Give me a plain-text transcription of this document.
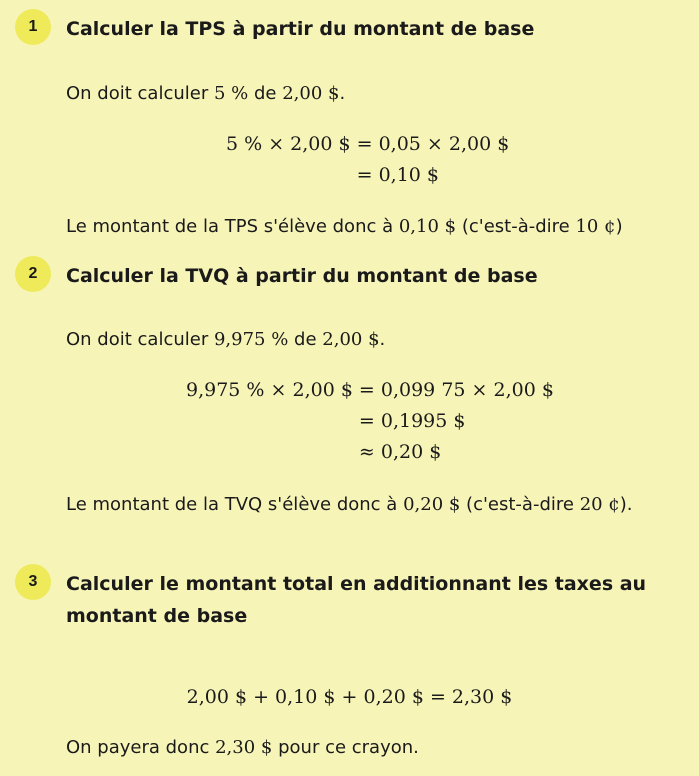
1	Calculer la TPS à partir du montant de base

On doit calculer 5 % de 2,00 $.

5 % × 2,00 $	= 0,05 × 2,00 $
	= 0,10 $

Le montant de la TPS s'élève donc à 0,10 $ (c'est-à-dire 10 ¢)

2	Calculer la TVQ à partir du montant de base

On doit calculer 9,975 % de 2,00 $.

9,975 % × 2,00 $	= 0,099 75 × 2,00 $
	= 0,1995 $
	≈ 0,20 $

Le montant de la TVQ s'élève donc à 0,20 $ (c'est-à-dire 20 ¢).

3	Calculer le montant total en additionnant les taxes au montant de base
2,00 $ + 0,10 $ + 0,20 $ = 2,30 $

On payera donc 2,30 $ pour ce crayon.
